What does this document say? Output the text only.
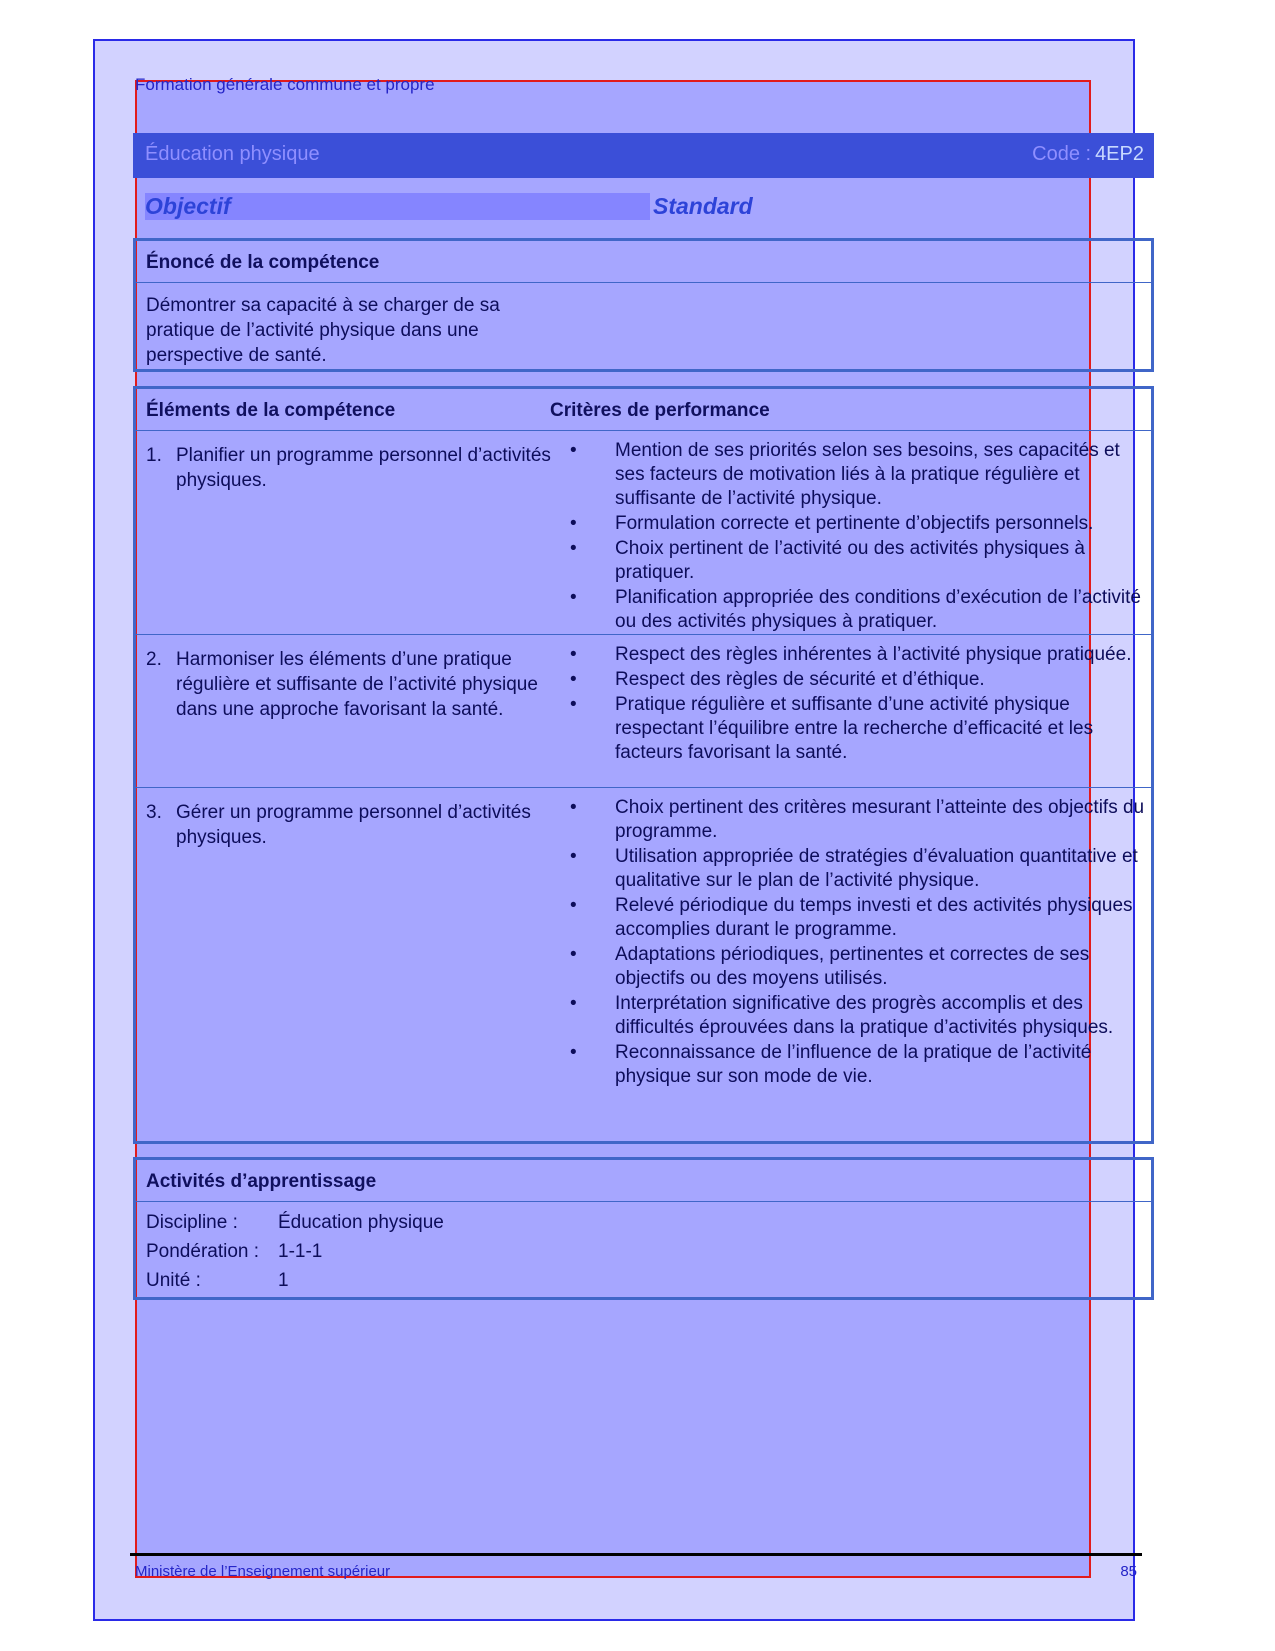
Formation générale commune et propre
Éducation physique	Code : 4EP2
Objectif	Standard
Énoncé de la compétence
Démontrer sa capacité à se charger de sa pratique de l’activité physique dans une perspective de santé.
Éléments de la compétence	Critères de performance
1. Planifier un programme personnel d’activités physiques.
• Mention de ses priorités selon ses besoins, ses capacités et ses facteurs de motivation liés à la pratique régulière et suffisante de l’activité physique.
• Formulation correcte et pertinente d’objectifs personnels.
• Choix pertinent de l’activité ou des activités physiques à pratiquer.
• Planification appropriée des conditions d’exécution de l’activité ou des activités physiques à pratiquer.
2. Harmoniser les éléments d’une pratique régulière et suffisante de l’activité physique dans une approche favorisant la santé.
• Respect des règles inhérentes à l’activité physique pratiquée.
• Respect des règles de sécurité et d’éthique.
• Pratique régulière et suffisante d’une activité physique respectant l’équilibre entre la recherche d’efficacité et les facteurs favorisant la santé.
3. Gérer un programme personnel d’activités physiques.
• Choix pertinent des critères mesurant l’atteinte des objectifs du programme.
• Utilisation appropriée de stratégies d’évaluation quantitative et qualitative sur le plan de l’activité physique.
• Relevé périodique du temps investi et des activités physiques accomplies durant le programme.
• Adaptations périodiques, pertinentes et correctes de ses objectifs ou des moyens utilisés.
• Interprétation significative des progrès accomplis et des difficultés éprouvées dans la pratique d’activités physiques.
• Reconnaissance de l’influence de la pratique de l’activité physique sur son mode de vie.
Activités d’apprentissage
Discipline : Éducation physique
Pondération : 1-1-1
Unité :	1
Ministère de l’Enseignement supérieur	85
